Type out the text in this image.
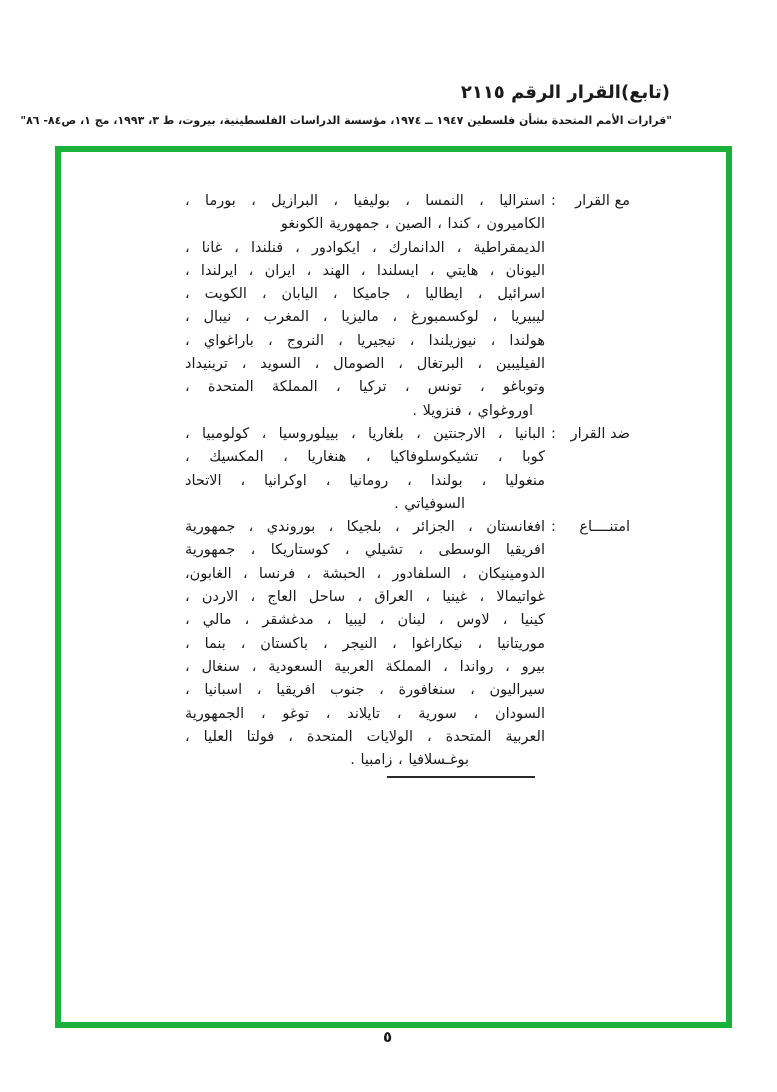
(تابع)القرار الرقم ٢١١٥
"قرارات الأمم المتحدة بشأن فلسطين ١٩٤٧ ــ ١٩٧٤، مؤسسة الدراسات الفلسطينية، بيروت، ط ٣، ١٩٩٣، مج ١، ص٨٤- ٨٦"
مع القرار
:
استراليا ، النمسا ، بوليفيا ، البرازيل ، بورما ،
الكاميرون ، كندا ، الصين ، جمهورية الكونغو
الديمقراطية ، الدانمارك ، ايكوادور ، فنلندا ، غانا ،
اليونان ، هايتي ، ايسلندا ، الهند ، ايران ، ايرلندا ،
اسرائيل ، ايطاليا ، جاميكا ، اليابان ، الكويت ،
ليبيريا ، لوكسمبورغ ، ماليزيا ، المغرب ، نيبال ،
هولندا ، نيوزيلندا ، نيجيريا ، النروج ، باراغواي ،
الفيليبين ، البرتغال ، الصومال ، السويد ، ترينيداد
وتوباغو ، تونس ، تركيا ، المملكة المتحدة ،
اوروغواي ، فنزويلا .
ضد القرار
:
البانيا ، الارجنتين ، بلغاريا ، بييلوروسيا ، كولومبيا ،
كوبا ، تشيكوسلوفاكيا ، هنغاريا ، المكسيك ،
منغوليا ، بولندا ، رومانيا ، اوكرانيا ، الاتحاد
السوفياتي .
امتنــــاع
:
افغانستان ، الجزائر ، بلجيكا ، بوروندي ، جمهورية
افريقيا الوسطى ، تشيلي ، كوستاريكا ، جمهورية
الدومينيكان ، السلفادور ، الحبشة ، فرنسا ، الغابون،
غواتيمالا ، غينيا ، العراق ، ساحل العاج ، الاردن ،
كينيا ، لاوس ، لبنان ، ليبيا ، مدغشقر ، مالي ،
موريتانيا ، نيكاراغوا ، النيجر ، باكستان ، بنما ،
بيرو ، رواندا ، المملكة العربية السعودية ، سنغال ،
سيراليون ، سنغافورة ، جنوب افريقيا ، اسبانيا ،
السودان ، سورية ، تايلاند ، توغو ، الجمهورية
العربية المتحدة ، الولايات المتحدة ، فولتا العليا ،
بوغـسلافيا ، زامبيا .
٥
